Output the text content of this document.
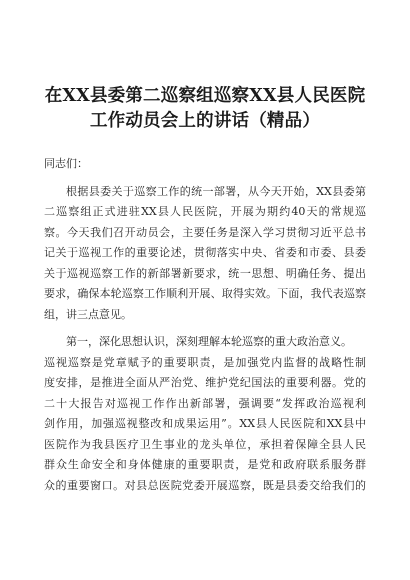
在XX县委第二巡察组巡察XX县人民医院
工作动员会上的讲话（精品）
同志们：
根据县委关于巡察工作的统一部署，从今天开始，XX县委第
二巡察组正式进驻XX县人民医院，开展为期约40天的常规巡
察。今天我们召开动员会，主要任务是深入学习贯彻习近平总书
记关于巡视工作的重要论述，贯彻落实中央、省委和市委、县委
关于巡视巡察工作的新部署新要求，统一思想、明确任务、提出
要求，确保本轮巡察工作顺利开展、取得实效。下面，我代表巡察
组，讲三点意见。
第一，深化思想认识，深刻理解本轮巡察的重大政治意义。
巡视巡察是党章赋予的重要职责，是加强党内监督的战略性制
度安排，是推进全面从严治党、维护党纪国法的重要利器。党的
二十大报告对巡视工作作出新部署，强调要“发挥政治巡视利
剑作用，加强巡视整改和成果运用”。XX县人民医院和XX县中
医院作为我县医疗卫生事业的龙头单位，承担着保障全县人民
群众生命安全和身体健康的重要职责，是党和政府联系服务群
众的重要窗口。对县总医院党委开展巡察，既是县委交给我们的
